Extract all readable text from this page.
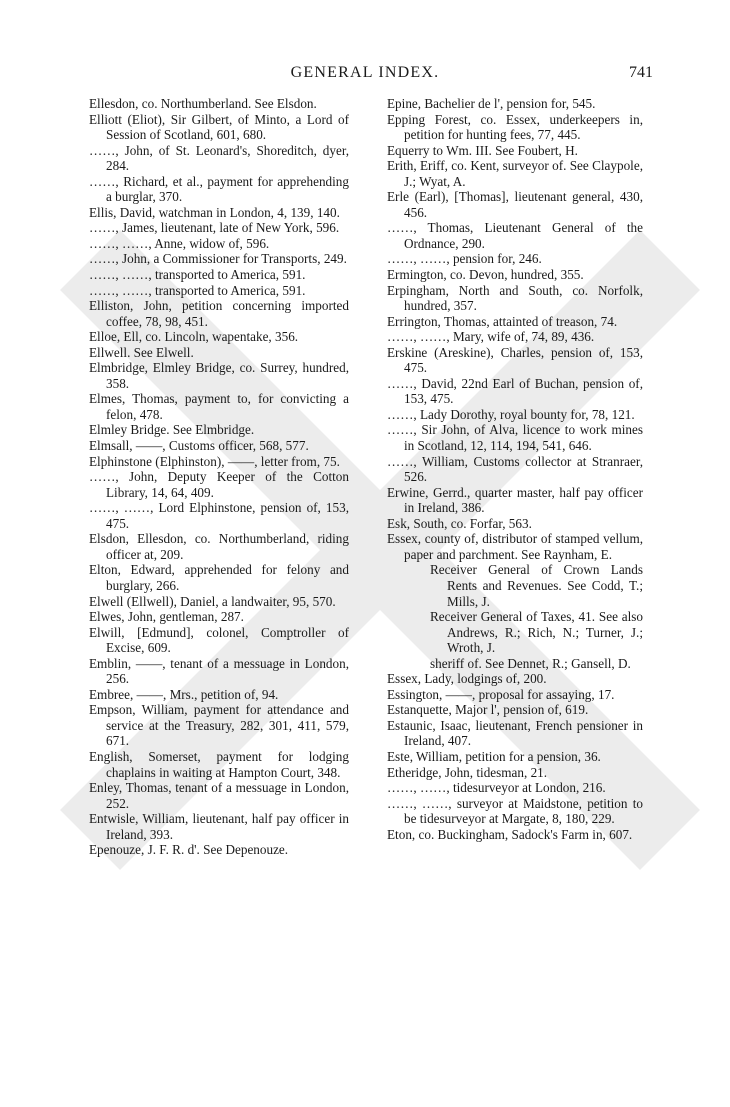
GENERAL INDEX.	741
Ellesdon, co. Northumberland. See Elsdon.
Elliott (Eliot), Sir Gilbert, of Minto, a Lord of Session of Scotland, 601, 680.
……, John, of St. Leonard's, Shoreditch, dyer, 284.
……, Richard, et al., payment for apprehending a burglar, 370.
Ellis, David, watchman in London, 4, 139, 140.
……, James, lieutenant, late of New York, 596.
……, ……, Anne, widow of, 596.
……, John, a Commissioner for Transports, 249.
……, ……, transported to America, 591.
……, ……, transported to America, 591.
Elliston, John, petition concerning imported coffee, 78, 98, 451.
Elloe, Ell, co. Lincoln, wapentake, 356.
Ellwell. See Elwell.
Elmbridge, Elmley Bridge, co. Surrey, hundred, 358.
Elmes, Thomas, payment to, for convicting a felon, 478.
Elmley Bridge. See Elmbridge.
Elmsall, ——, Customs officer, 568, 577.
Elphinstone (Elphinston), ——, letter from, 75.
……, John, Deputy Keeper of the Cotton Library, 14, 64, 409.
……, ……, Lord Elphinstone, pension of, 153, 475.
Elsdon, Ellesdon, co. Northumberland, riding officer at, 209.
Elton, Edward, apprehended for felony and burglary, 266.
Elwell (Ellwell), Daniel, a landwaiter, 95, 570.
Elwes, John, gentleman, 287.
Elwill, [Edmund], colonel, Comptroller of Excise, 609.
Emblin, ——, tenant of a messuage in London, 256.
Embree, ——, Mrs., petition of, 94.
Empson, William, payment for attendance and service at the Treasury, 282, 301, 411, 579, 671.
English, Somerset, payment for lodging chaplains in waiting at Hampton Court, 348.
Enley, Thomas, tenant of a messuage in London, 252.
Entwisle, William, lieutenant, half pay officer in Ireland, 393.
Epenouze, J. F. R. d'. See Depenouze.
Epine, Bachelier de l', pension for, 545.
Epping Forest, co. Essex, underkeepers in, petition for hunting fees, 77, 445.
Equerry to Wm. III. See Foubert, H.
Erith, Eriff, co. Kent, surveyor of. See Claypole, J.; Wyat, A.
Erle (Earl), [Thomas], lieutenant general, 430, 456.
……, Thomas, Lieutenant General of the Ordnance, 290.
……, ……, pension for, 246.
Ermington, co. Devon, hundred, 355.
Erpingham, North and South, co. Norfolk, hundred, 357.
Errington, Thomas, attainted of treason, 74.
……, ……, Mary, wife of, 74, 89, 436.
Erskine (Areskine), Charles, pension of, 153, 475.
……, David, 22nd Earl of Buchan, pension of, 153, 475.
……, Lady Dorothy, royal bounty for, 78, 121.
……, Sir John, of Alva, licence to work mines in Scotland, 12, 114, 194, 541, 646.
……, William, Customs collector at Stranraer, 526.
Erwine, Gerrd., quarter master, half pay officer in Ireland, 386.
Esk, South, co. Forfar, 563.
Essex, county of, distributor of stamped vellum, paper and parchment. See Raynham, E.
Receiver General of Crown Lands Rents and Revenues. See Codd, T.; Mills, J.
Receiver General of Taxes, 41. See also Andrews, R.; Rich, N.; Turner, J.; Wroth, J.
sheriff of. See Dennet, R.; Gansell, D.
Essex, Lady, lodgings of, 200.
Essington, ——, proposal for assaying, 17.
Estanquette, Major l', pension of, 619.
Estaunic, Isaac, lieutenant, French pensioner in Ireland, 407.
Este, William, petition for a pension, 36.
Etheridge, John, tidesman, 21.
……, ……, tidesurveyor at London, 216.
……, ……, surveyor at Maidstone, petition to be tidesurveyor at Margate, 8, 180, 229.
Eton, co. Buckingham, Sadock's Farm in, 607.
